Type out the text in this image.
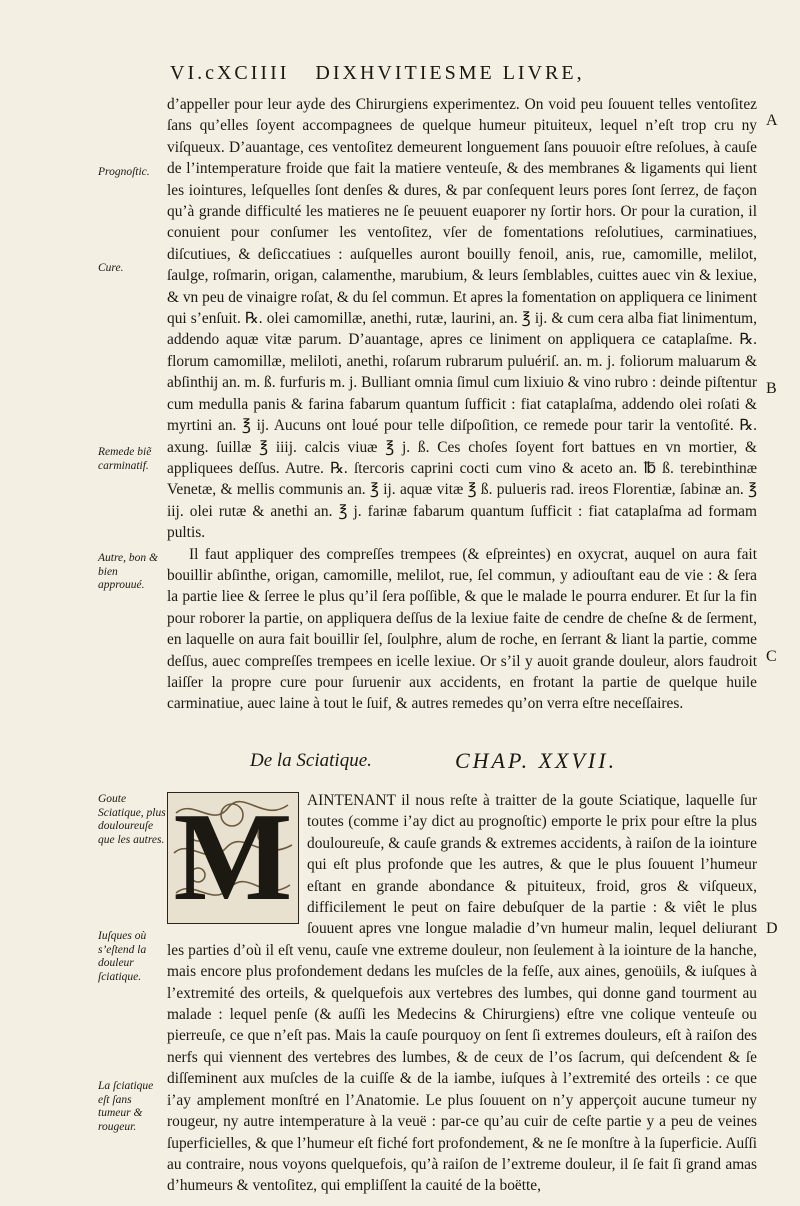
VI.cXCIIII DIXHVITIESME LIVRE,

d’appeller pour leur ayde des Chirurgiens experimentez. On void peu ſouuent telles ventoſitez ſans qu’elles ſoyent accompagnees de quelque humeur pituiteux, lequel n’eſt trop cru ny viſqueux. D’auantage, ces ventoſitez demeurent longuement ſans pouuoir eſtre reſolues, à cauſe de l’intemperature froide que fait la matiere venteuſe, & des membranes & ligaments qui lient les iointures, leſquelles ſont denſes & dures, & par conſequent leurs pores ſont ſerrez, de façon qu’à grande difficulté les matieres ne ſe peuuent euaporer ny ſortir hors. Or pour la curation, il conuient pour conſumer les ventoſitez, vſer de fomentations reſolutiues, carminatiues, diſcutiues, & deſiccatiues : auſquelles auront bouilly fenoil, anis, rue, camomille, melilot, ſaulge, roſmarin, origan, calamenthe, marubium, & leurs ſemblables, cuittes auec vin & lexiue, & vn peu de vinaigre roſat, & du ſel commun. Et apres la fomentation on appliquera ce liniment qui s’enſuit. ℞. olei camomillæ, anethi, rutæ, laurini, an. ℥ ij. & cum cera alba fiat linimentum, addendo aquæ vitæ parum. D’auantage, apres ce liniment on appliquera ce cataplaſme. ℞. florum camomillæ, meliloti, anethi, roſarum rubrarum puluériſ. an. m. j. foliorum maluarum & abſinthij an. m. ß. furfuris m. j. Bulliant omnia ſimul cum lixiuio & vino rubro : deinde piſtentur cum medulla panis & farina fabarum quantum ſufficit : fiat cataplaſma, addendo olei roſati & myrtini an. ℥ ij. Aucuns ont loué pour telle diſpoſition, ce remede pour tarir la ventoſité. ℞. axung. ſuillæ ℥ iiij. calcis viuæ ℥ j. ß. Ces choſes ſoyent fort battues en vn mortier, & appliquees deſſus. Autre. ℞. ſtercoris caprini cocti cum vino & aceto an. ℔ ß. terebinthinæ Venetæ, & mellis communis an. ℥ ij. aquæ vitæ ℥ ß. pulueris rad. ireos Florentiæ, ſabinæ an. ℥ iij. olei rutæ & anethi an. ℥ j. farinæ fabarum quantum ſufficit : fiat cataplaſma ad formam pultis.

Il faut appliquer des compreſſes trempees (& eſpreintes) en oxycrat, auquel on aura fait bouillir abſinthe, origan, camomille, melilot, rue, ſel commun, y adiouſtant eau de vie : & ſera la partie liee & ſerree le plus qu’il ſera poſſible, & que le malade le pourra endurer. Et ſur la fin pour roborer la partie, on appliquera deſſus de la lexiue faite de cendre de cheſne & de ſerment, en laquelle on aura fait bouillir ſel, ſoulphre, alum de roche, en ſerrant & liant la partie, comme deſſus, auec compreſſes trempees en icelle lexiue. Or s’il y auoit grande douleur, alors faudroit laiſſer la propre cure pour ſuruenir aux accidents, en frotant la partie de quelque huile carminatiue, auec laine à tout le ſuif, & autres remedes qu’on verra eſtre neceſſaires.

De la Sciatique.	CHAP. XXVII.
M AINTENANT il nous reſte à traitter de la goute Sciatique, laquelle ſur toutes (comme i’ay dict au prognoſtic) emporte le prix pour eſtre la plus douloureuſe, & cauſe grands & extremes accidents, à raiſon de la iointure qui eſt plus profonde que les autres, & que le plus ſouuent l’humeur eſtant en grande abondance & pituiteux, froid, gros & viſqueux, difficilement le peut on faire debuſquer de la partie : & viêt le plus ſouuent apres vne longue maladie d’vn humeur malin, lequel deliurant les parties d’où il eſt venu, cauſe vne extreme douleur, non ſeulement à la iointure de la hanche, mais encore plus profondement dedans les muſcles de la feſſe, aux aines, genoüils, & iuſques à l’extremité des orteils, & quelquefois aux vertebres des lumbes, qui donne gand tourment au malade : lequel penſe (& auſſi les Medecins & Chirurgiens) eſtre vne colique venteuſe ou pierreuſe, ce que n’eſt pas. Mais la cauſe pourquoy on ſent ſi extremes douleurs, eſt à raiſon des nerfs qui viennent des vertebres des lumbes, & de ceux de l’os ſacrum, qui deſcendent & ſe diſſeminent aux muſcles de la cuiſſe & de la iambe, iuſques à l’extremité des orteils : ce que i’ay amplement monſtré en l’Anatomie. Le plus ſouuent on n’y apperçoit aucune tumeur ny rougeur, ny autre intemperature à la veuë : par-ce qu’au cuir de ceſte partie y a peu de veines ſuperficielles, & que l’humeur eſt fiché fort profondement, & ne ſe monſtre à la ſuperficie. Auſſi au contraire, nous voyons quelquefois, qu’à raiſon de l’extreme douleur, il ſe fait ſi grand amas d’humeurs & ventoſitez, qui empliſſent la cauité de la boëtte,

Prognoſtic.
Cure.
Remede biẽ carminatif.
Autre, bon & bien approuué.
Goute Sciatique, plus douloureuſe que les autres.
Iuſques où s’eſtend la douleur ſciatique.
La ſciatique eſt ſans tumeur & rougeur.
A
B
C
D
